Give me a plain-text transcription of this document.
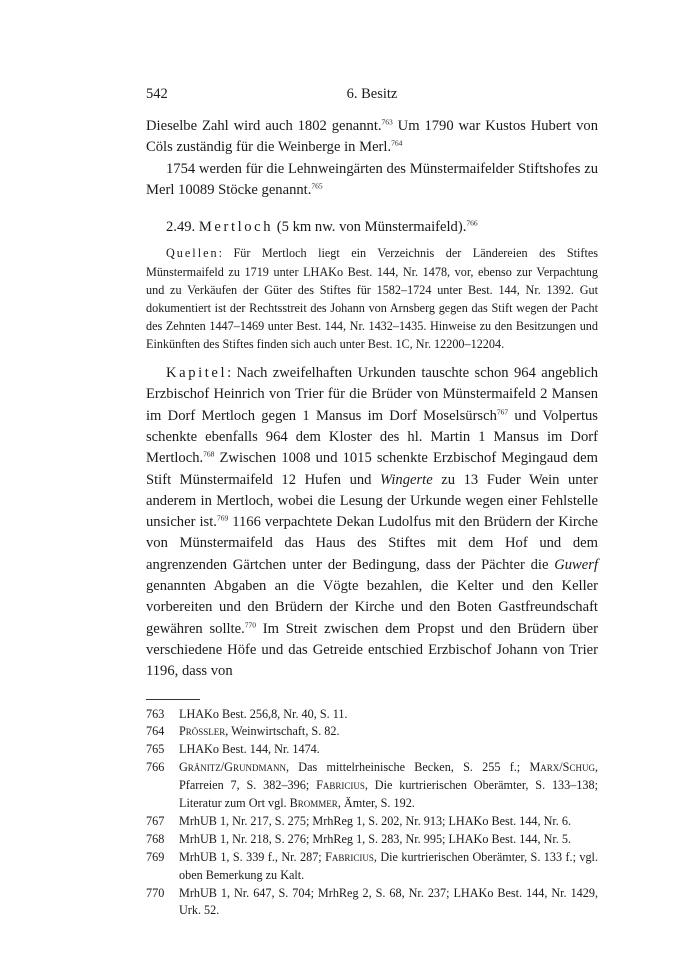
542	6. Besitz

Dieselbe Zahl wird auch 1802 genannt.$^{763}$ Um 1790 war Kustos Hubert von Cöls zuständig für die Weinberge in Merl.$^{764}$

1754 werden für die Lehnweingärten des Münstermaifelder Stiftshofes zu Merl 10089 Stöcke genannt.$^{765}$

2.49. Mertloch (5 km nw. von Münstermaifeld).$^{766}$

Quellen: Für Mertloch liegt ein Verzeichnis der Ländereien des Stiftes Münstermaifeld zu 1719 unter LHAKo Best. 144, Nr. 1478, vor, ebenso zur Verpachtung und zu Verkäufen der Güter des Stiftes für 1582–1724 unter Best. 144, Nr. 1392. Gut dokumentiert ist der Rechtsstreit des Johann von Arnsberg gegen das Stift wegen der Pacht des Zehnten 1447–1469 unter Best. 144, Nr. 1432–1435. Hinweise zu den Besitzungen und Einkünften des Stiftes finden sich auch unter Best. 1C, Nr. 12200–12204.

Kapitel: Nach zweifelhaften Urkunden tauschte schon 964 angeblich Erzbischof Heinrich von Trier für die Brüder von Münstermaifeld 2 Mansen im Dorf Mertloch gegen 1 Mansus im Dorf Moselsürsch$^{767}$ und Volpertus schenkte ebenfalls 964 dem Kloster des hl. Martin 1 Mansus im Dorf Mertloch.$^{768}$ Zwischen 1008 und 1015 schenkte Erzbischof Megingaud dem Stift Münstermaifeld 12 Hufen und Wingerte zu 13 Fuder Wein unter anderem in Mertloch, wobei die Lesung der Urkunde wegen einer Fehlstelle unsicher ist.$^{769}$ 1166 verpachtete Dekan Ludolfus mit den Brüdern der Kirche von Münstermaifeld das Haus des Stiftes mit dem Hof und dem angrenzenden Gärtchen unter der Bedingung, dass der Pächter die Guwerf genannten Abgaben an die Vögte bezahlen, die Kelter und den Keller vorbereiten und den Brüdern der Kirche und den Boten Gastfreundschaft gewähren sollte.$^{770}$ Im Streit zwischen dem Propst und den Brüdern über verschiedene Höfe und das Getreide entschied Erzbischof Johann von Trier 1196, dass von

763	LHAKo Best. 256,8, Nr. 40, S. 11.
764	Prössler, Weinwirtschaft, S. 82.
765	LHAKo Best. 144, Nr. 1474.
766	Gränitz/Grundmann, Das mittelrheinische Becken, S. 255 f.; Marx/Schug, Pfarreien 7, S. 382–396; Fabricius, Die kurtrierischen Oberämter, S. 133–138; Literatur zum Ort vgl. Brommer, Ämter, S. 192.
767	MrhUB 1, Nr. 217, S. 275; MrhReg 1, S. 202, Nr. 913; LHAKo Best. 144, Nr. 6.
768	MrhUB 1, Nr. 218, S. 276; MrhReg 1, S. 283, Nr. 995; LHAKo Best. 144, Nr. 5.
769	MrhUB 1, S. 339 f., Nr. 287; Fabricius, Die kurtrierischen Oberämter, S. 133 f.; vgl. oben Bemerkung zu Kalt.
770	MrhUB 1, Nr. 647, S. 704; MrhReg 2, S. 68, Nr. 237; LHAKo Best. 144, Nr. 1429, Urk. 52.
